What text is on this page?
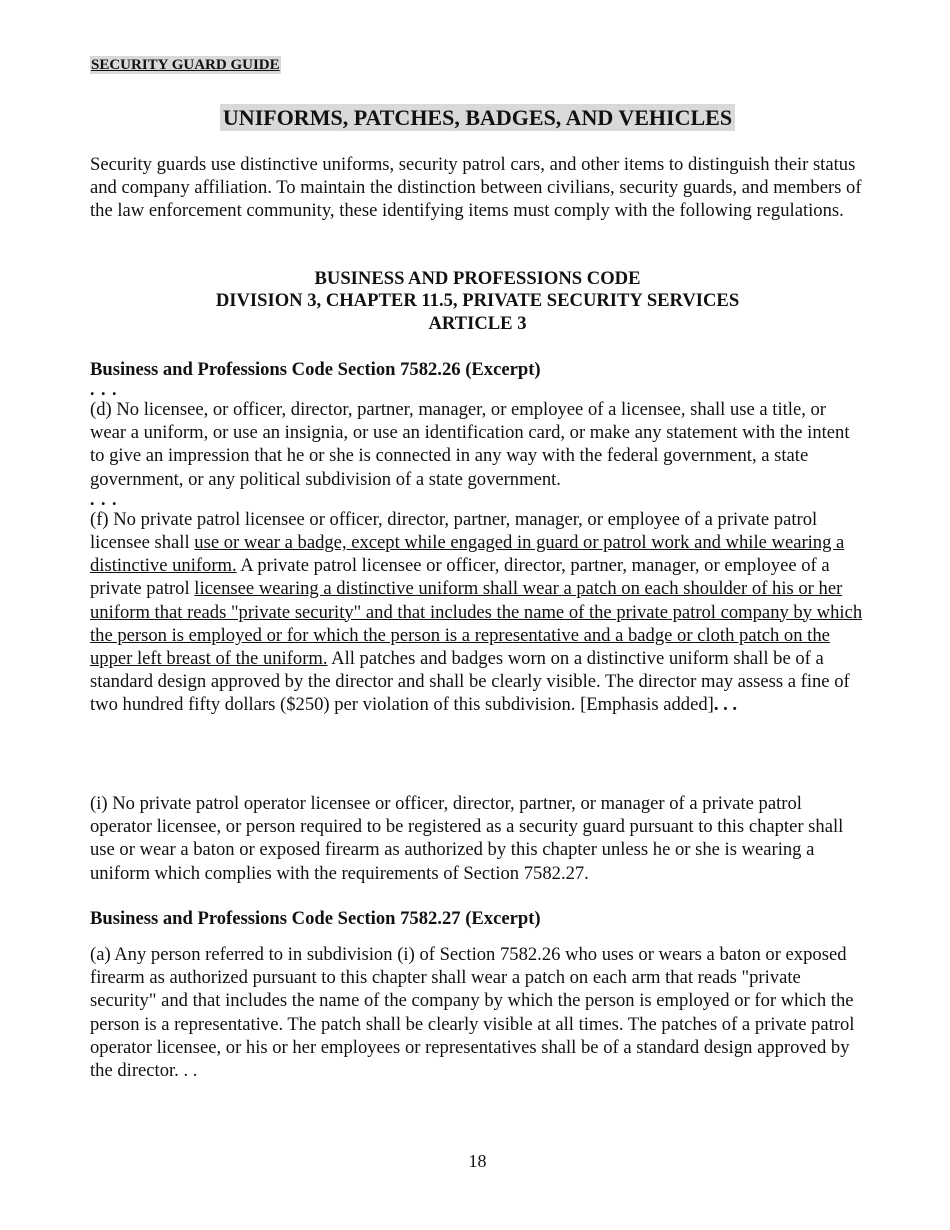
SECURITY GUARD GUIDE
UNIFORMS, PATCHES, BADGES, AND VEHICLES

Security guards use distinctive uniforms, security patrol cars, and other items to distinguish their status and company affiliation. To maintain the distinction between civilians, security guards, and members of the law enforcement community, these identifying items must comply with the following regulations.

BUSINESS AND PROFESSIONS CODE
DIVISION 3, CHAPTER 11.5, PRIVATE SECURITY SERVICES
ARTICLE 3

Business and Professions Code Section 7582.26 (Excerpt)

. . .

(d) No licensee, or officer, director, partner, manager, or employee of a licensee, shall use a title, or wear a uniform, or use an insignia, or use an identification card, or make any statement with the intent to give an impression that he or she is connected in any way with the federal government, a state government, or any political subdivision of a state government.

. . .

(f) No private patrol licensee or officer, director, partner, manager, or employee of a private patrol licensee shall use or wear a badge, except while engaged in guard or patrol work and while wearing a distinctive uniform. A private patrol licensee or officer, director, partner, manager, or employee of a private patrol licensee wearing a distinctive uniform shall wear a patch on each shoulder of his or her uniform that reads "private security" and that includes the name of the private patrol company by which the person is employed or for which the person is a representative and a badge or cloth patch on the upper left breast of the uniform. All patches and badges worn on a distinctive uniform shall be of a standard design approved by the director and shall be clearly visible. The director may assess a fine of two hundred fifty dollars ($250) per violation of this subdivision. [Emphasis added]. . .

(i) No private patrol operator licensee or officer, director, partner, or manager of a private patrol operator licensee, or person required to be registered as a security guard pursuant to this chapter shall use or wear a baton or exposed firearm as authorized by this chapter unless he or she is wearing a uniform which complies with the requirements of Section 7582.27.

Business and Professions Code Section 7582.27 (Excerpt)

(a) Any person referred to in subdivision (i) of Section 7582.26 who uses or wears a baton or exposed firearm as authorized pursuant to this chapter shall wear a patch on each arm that reads "private security" and that includes the name of the company by which the person is employed or for which the person is a representative. The patch shall be clearly visible at all times. The patches of a private patrol operator licensee, or his or her employees or representatives shall be of a standard design approved by the director. . .

18
